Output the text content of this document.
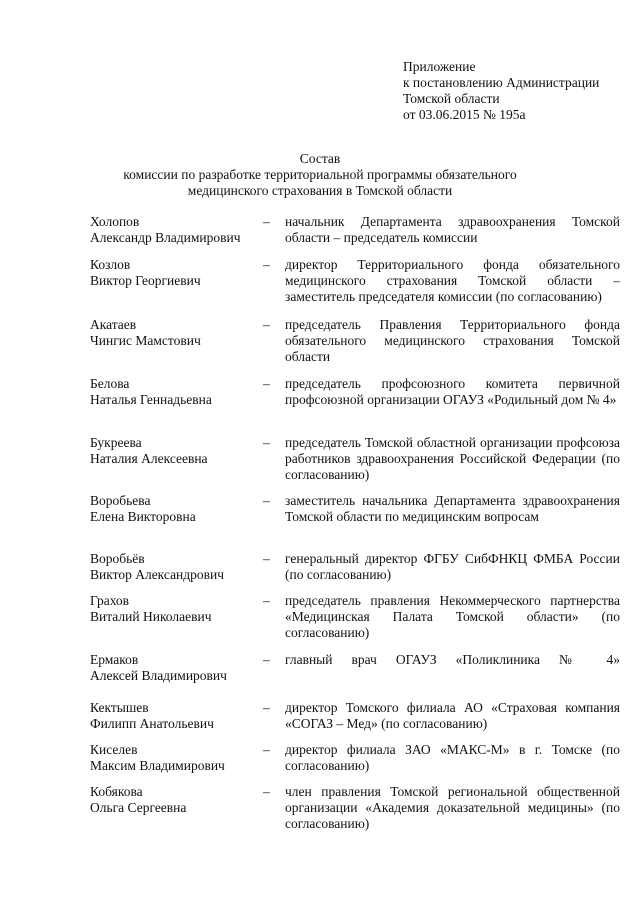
Приложение
к постановлению Администрации
Томской области
от 03.06.2015 № 195а
Состав
комиссии по разработке территориальной программы обязательного
медицинского страхования в Томской области
Холопов
Александр Владимирович
–	начальник Департамента здравоохранения Томской области – председатель комиссии
Козлов
Виктор Георгиевич
–	директор Территориального фонда обязательного медицинского страхования Томской области – заместитель председателя комиссии (по согласованию)
Акатаев
Чингис Мамстович
–	председатель Правления Территориального фонда обязательного медицинского страхования Томской области
Белова
Наталья Геннадьевна
–	председатель профсоюзного комитета первичной профсоюзной организации ОГАУЗ «Родильный дом № 4»
Букреева
Наталия Алексеевна
–	председатель Томской областной организации профсоюза работников здравоохранения Российской Федерации (по согласованию)
Воробьева
Елена Викторовна
–	заместитель начальника Департамента здравоохранения Томской области по медицинским вопросам
Воробьёв
Виктор Александрович
–	генеральный директор ФГБУ СибФНКЦ ФМБА России (по согласованию)
Грахов
Виталий Николаевич
–	председатель правления Некоммерческого партнерства «Медицинская Палата Томской области» (по согласованию)
Ермаков
Алексей Владимирович
–	главный врач ОГАУЗ «Поликлиника № 4»
Кектышев
Филипп Анатольевич
–	директор Томского филиала АО «Страховая компания «СОГАЗ – Мед» (по согласованию)
Киселев
Максим Владимирович
–	директор филиала ЗАО «МАКС-М» в г. Томске (по согласованию)
Кобякова
Ольга Сергеевна
–	член правления Томской региональной общественной организации «Академия доказательной медицины» (по согласованию)
